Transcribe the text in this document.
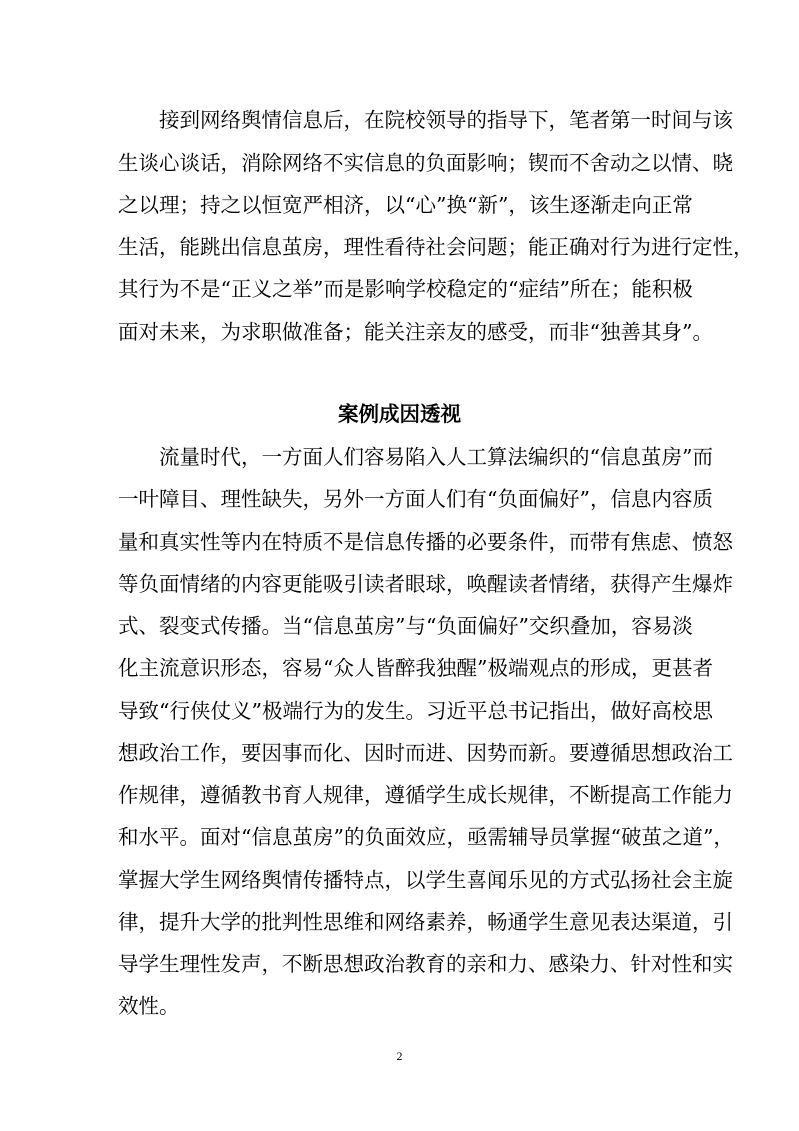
接到网络舆情信息后，在院校领导的指导下，笔者第一时间与该
生谈心谈话，消除网络不实信息的负面影响；锲而不舍动之以情、晓
之以理；持之以恒宽严相济，以“心”换“新”，该生逐渐走向正常
生活，能跳出信息茧房，理性看待社会问题；能正确对行为进行定性，
其行为不是“正义之举”而是影响学校稳定的“症结”所在；能积极
面对未来，为求职做准备；能关注亲友的感受，而非“独善其身”。
案例成因透视
流量时代，一方面人们容易陷入人工算法编织的“信息茧房”而
一叶障目、理性缺失，另外一方面人们有“负面偏好”，信息内容质
量和真实性等内在特质不是信息传播的必要条件，而带有焦虑、愤怒
等负面情绪的内容更能吸引读者眼球，唤醒读者情绪，获得产生爆炸
式、裂变式传播。当“信息茧房”与“负面偏好”交织叠加，容易淡
化主流意识形态，容易“众人皆醉我独醒”极端观点的形成，更甚者
导致“行侠仗义”极端行为的发生。习近平总书记指出，做好高校思
想政治工作，要因事而化、因时而进、因势而新。要遵循思想政治工
作规律，遵循教书育人规律，遵循学生成长规律，不断提高工作能力
和水平。面对“信息茧房”的负面效应，亟需辅导员掌握“破茧之道”，
掌握大学生网络舆情传播特点，以学生喜闻乐见的方式弘扬社会主旋
律，提升大学的批判性思维和网络素养，畅通学生意见表达渠道，引
导学生理性发声，不断思想政治教育的亲和力、感染力、针对性和实
效性。
2
